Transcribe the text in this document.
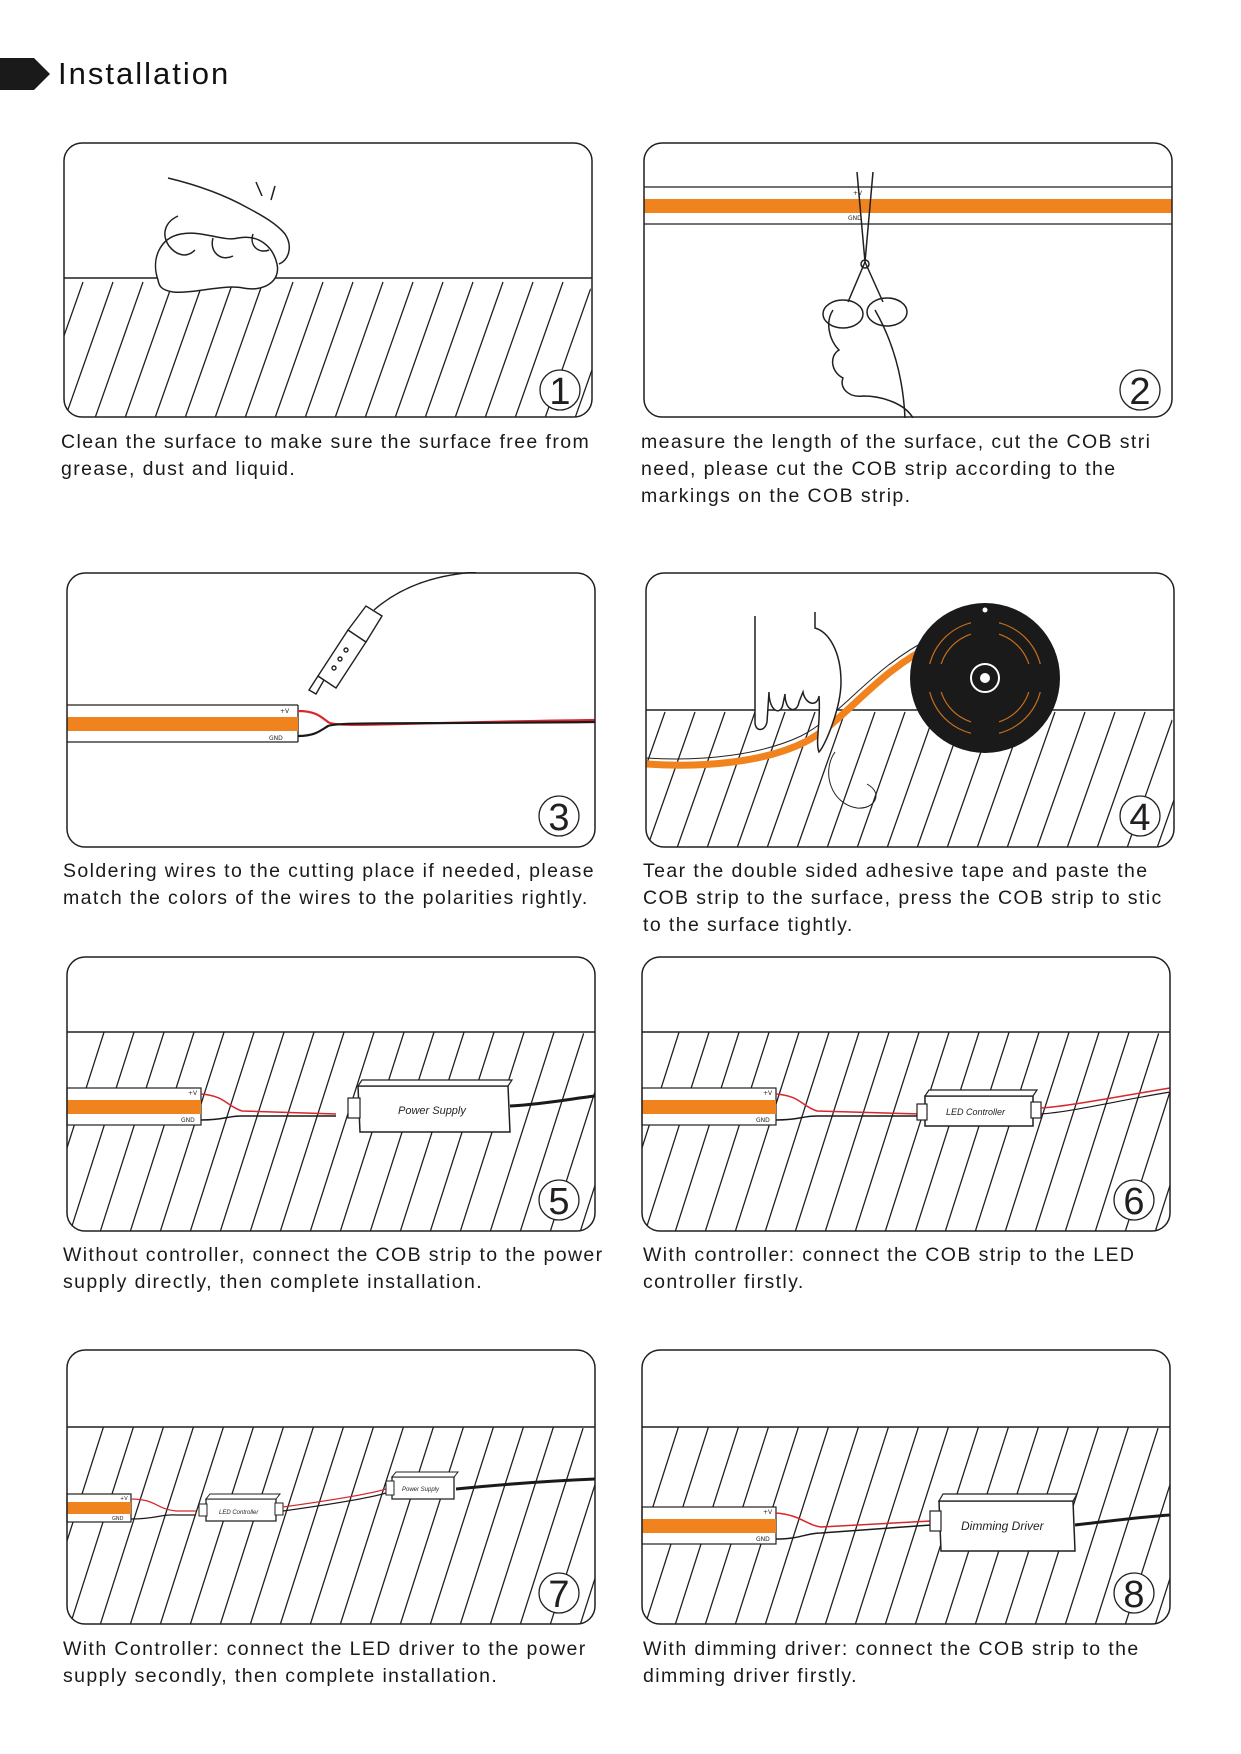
Installation
1
Clean the surface to make sure the surface free from
grease, dust and liquid.
+V
GND
2
measure the length of the surface, cut the COB stri
need, please cut the COB strip according to the
markings on the COB strip.
+V
GND
3
Soldering wires to the cutting place if needed, please
match the colors of the wires to the polarities rightly.
4
Tear the double sided adhesive tape and paste the
COB strip to the surface, press the COB strip to stic
to the surface tightly.
+V
GND
Power Supply
5
Without controller, connect the COB strip to the power
supply directly, then complete installation.
+V
GND
LED Controller
6
With controller: connect the COB strip to the LED
controller firstly.
+V
GND
LED Controller
Power Supply
7
With Controller: connect the LED driver to the power
supply secondly, then complete installation.
+V
GND
Dimming Driver
8
With dimming driver: connect the COB strip to the
dimming driver firstly.
